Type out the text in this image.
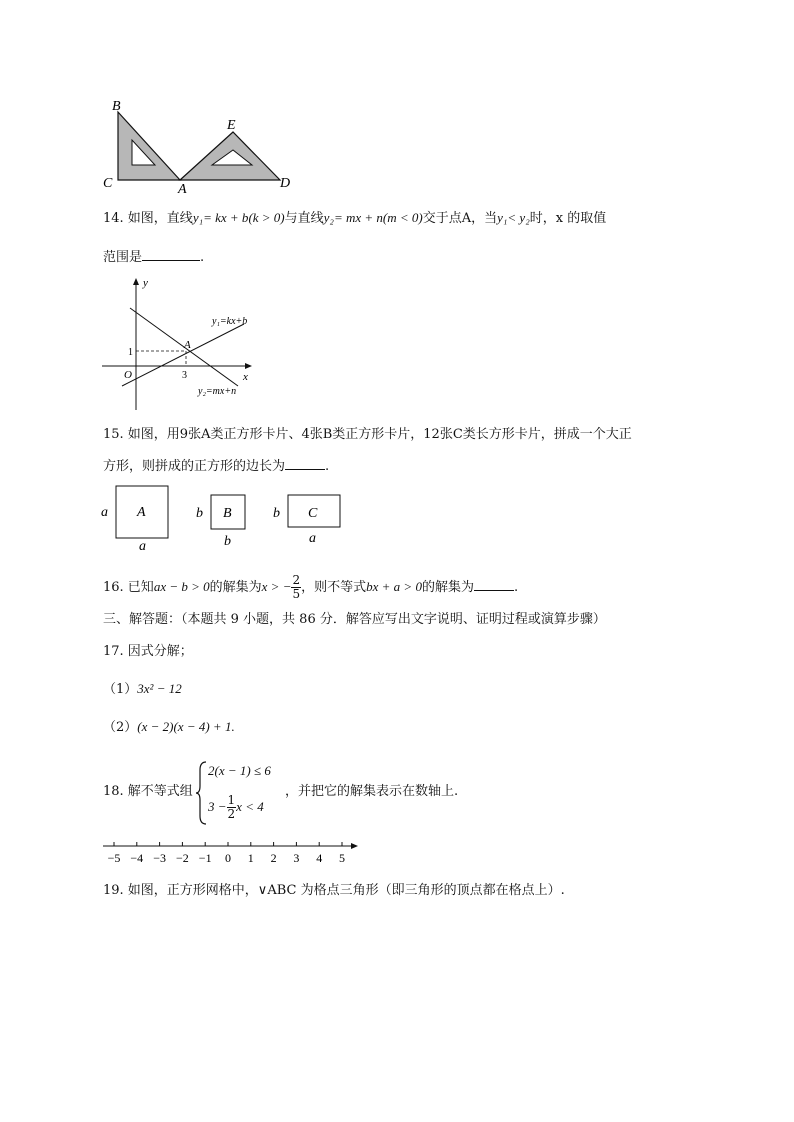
B
C	A
E
D
14. 如图，直线y₁= kx + b(k > 0)与直线y₂= mx + n(m < 0)交于点A，当y₁< y₂时，x 的取值
范围是	.
y
x
O
A
3
1
y₁=kx+b
y₂=mx+n
15. 如图，用9张A类正方形卡片、4张B类正方形卡片，12张C类长方形卡片，拼成一个大正
方形，则拼成的正方形的边长为	.
a A
a
b B
b
b C
a
16. 已知ax − b > 0的解集为x > − $\frac{2}{5}$ ，则不等式bx + a > 0的解集为	.
三、解答题：（本题共 9 小题，共 86 分．解答应写出文字说明、证明过程或演算步骤）
17. 因式分解；
（1）3x² − 12
（2）(x − 2)(x − 4) + 1.
18. 解不等式组
2(x − 1) ≤ 6
$3 - \frac{1}{2}$ x < 4
，并把它的解集表示在数轴上.
−5 −4 −3 −2 −1 0 1 2 3 4 5
19. 如图，正方形网格中，∨ABC 为格点三角形（即三角形的顶点都在格点上）.
